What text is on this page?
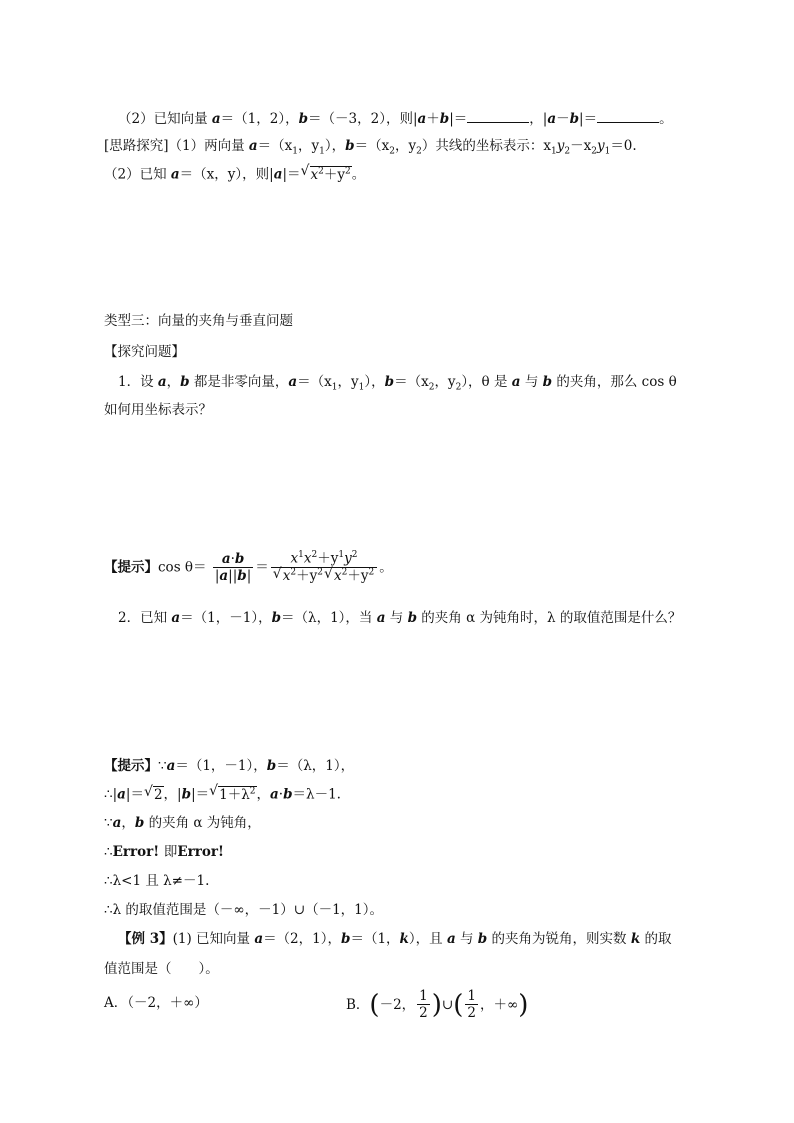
（2）已知向量 a＝（1，2），b＝（－3，2），则|a＋b|＝	，|a－b|＝	。
[思路探究]（1）两向量 $a=(x_1$，$y_1$），$b=(x_2$，$y_2$）共线的坐标表示：$x_1y_2-x_2y_1=0$.
（2）已知 a＝（x，y），则|a|＝ √ $x^2+y^2$。
类型三：向量的夹角与垂直问题
【探究问题】
1．设 a，b 都是非零向量，$a=(x_1$，$y_1$），$b=(x_2$，$y_2$），θ 是 a 与 b 的夹角，那么 cos θ
如何用坐标表示？
【提示】$\cos \theta= \frac{a\cdot b}{|a||b|} = \frac{x^1x^2+y^1y^2}{√ x^2+y^2 √ x^2+y^2}$ 。
2．已知 a＝（1，－1），b＝（λ，1），当 a 与 b 的夹角 α 为钝角时，λ 的取值范围是什么？
【提示】∵a＝（1，－1），b＝（λ，1），
∴|a|＝ √ 2，|b|＝ √ $1+\lambda^2$，a·b＝λ－1.
∵a，b 的夹角 α 为钝角，
∴Error! 即Error!
∴λ<1 且 λ≠－1.
∴λ 的取值范围是（－∞，－1）∪（－1，1）。
【例 3】(1) 已知向量 a＝（2，1），b＝（1，k），且 a 与 b 的夹角为锐角，则实数 k 的取
值范围是（　　）。
A．（－2，＋∞）	B．(－2， $\frac{1}{2}$ )∪( $\frac{1}{2}$ ，＋∞)
